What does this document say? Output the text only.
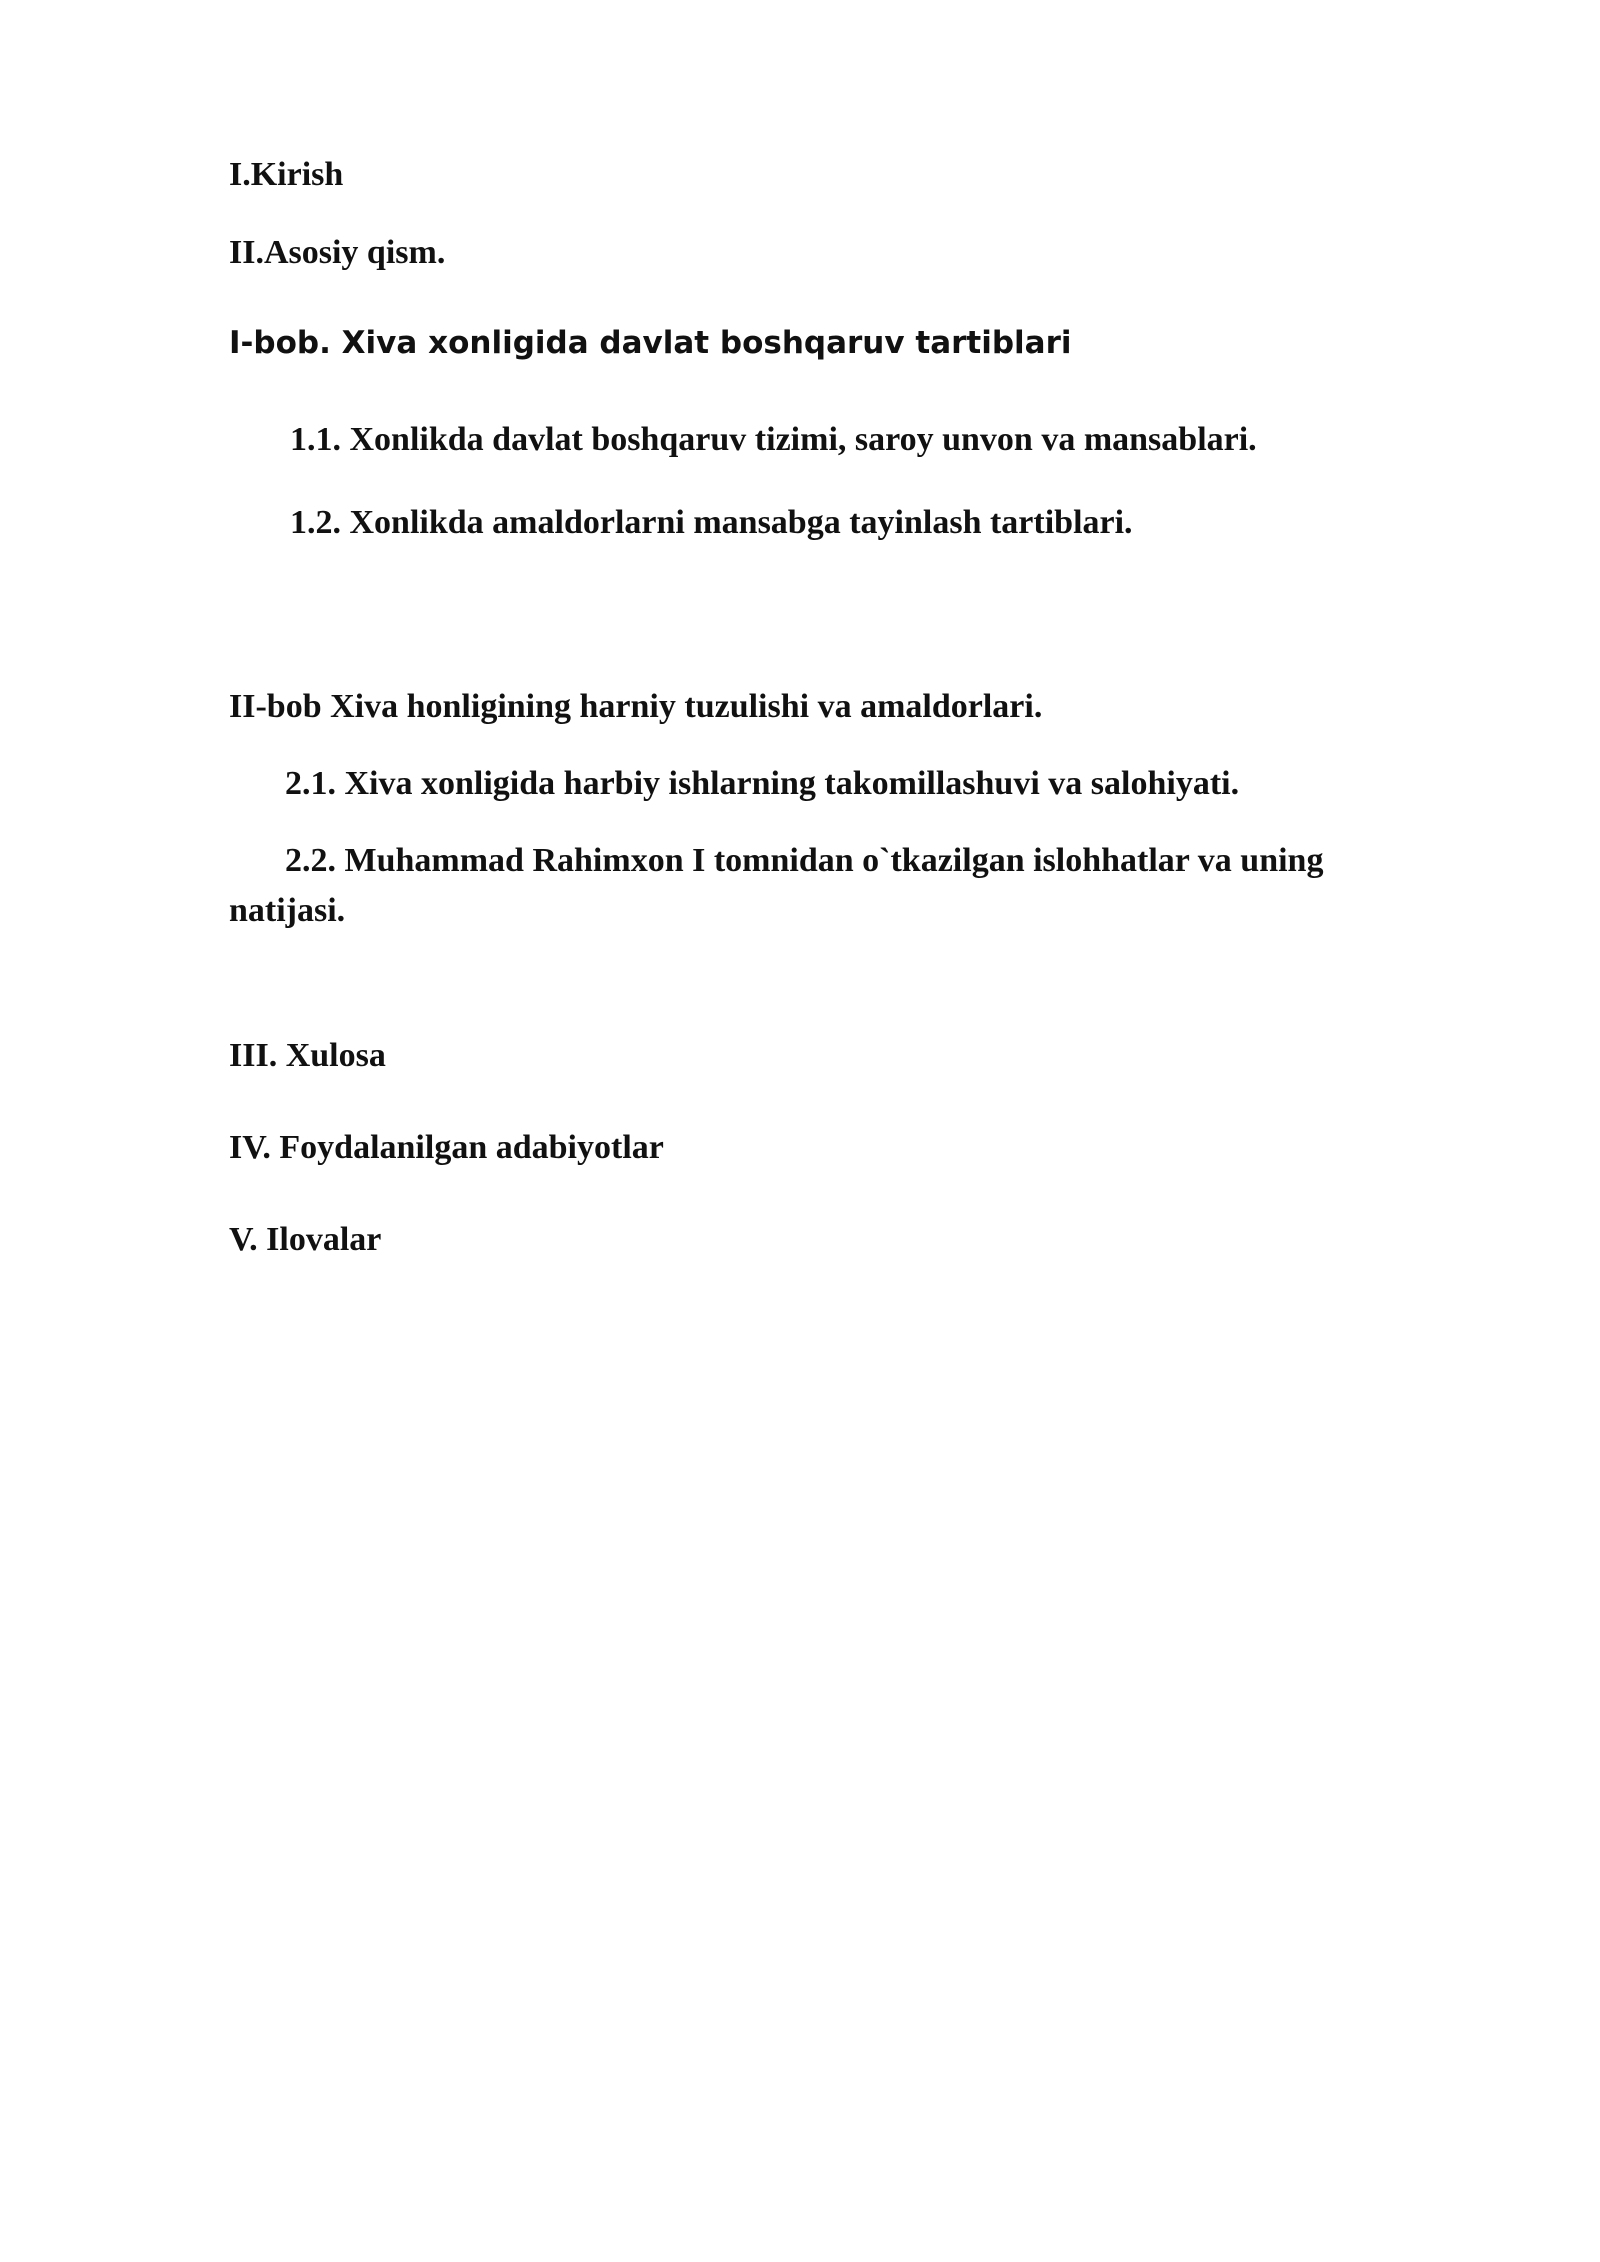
I.Kirish
II.Asosiy qism.
I-bob. Xiva xonligida davlat boshqaruv tartiblari
1.1. Xonlikda davlat boshqaruv tizimi, saroy unvon va mansablari.
1.2. Xonlikda amaldorlarni mansabga tayinlash tartiblari.
II-bob Xiva honligining harniy tuzulishi va amaldorlari.
2.1. Xiva xonligida harbiy ishlarning takomillashuvi va salohiyati.
2.2. Muhammad Rahimxon I tomnidan o`tkazilgan islohhatlar va uning
natijasi.
III. Xulosa
IV. Foydalanilgan adabiyotlar
V. Ilovalar
